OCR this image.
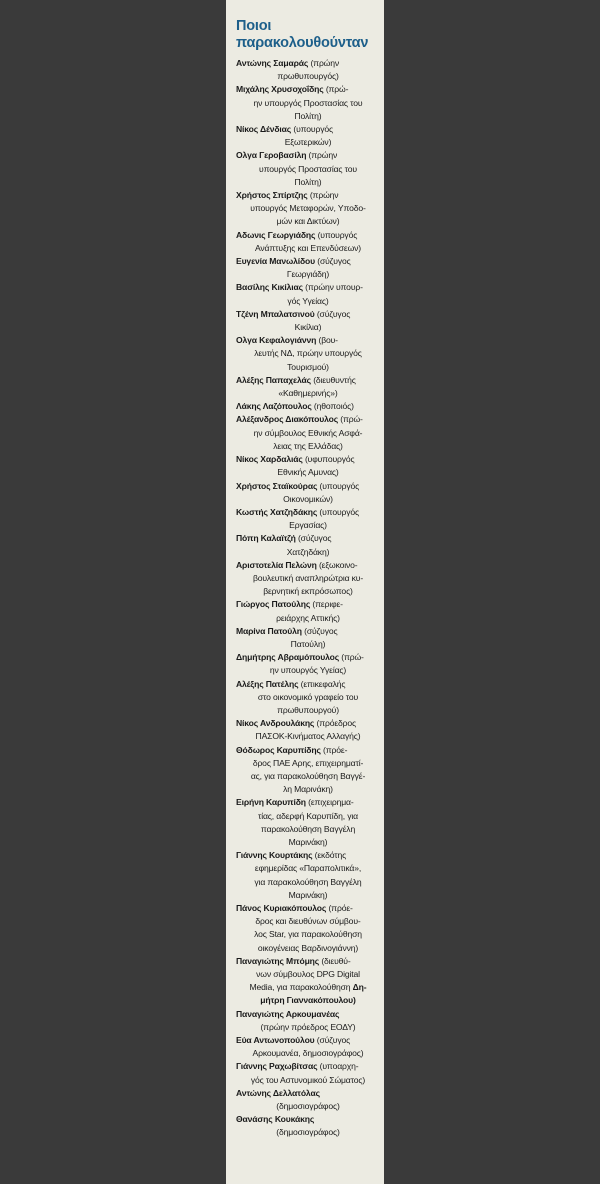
Ποιοι
παρακολουθούνταν
Αντώνης Σαμαράς (πρώην
πρωθυπουργός)
Μιχάλης Χρυσοχοΐδης (πρώ-
ην υπουργός Προστασίας του
Πολίτη)
Νίκος Δένδιας (υπουργός
Εξωτερικών)
Ολγα Γεροβασίλη (πρώην
υπουργός Προστασίας του
Πολίτη)
Χρήστος Σπίρτζης (πρώην
υπουργός Μεταφορών, Υποδο-
μών και Δικτύων)
Αδωνις Γεωργιάδης (υπουργός
Ανάπτυξης και Επενδύσεων)
Ευγενία Μανωλίδου (σύζυγος
Γεωργιάδη)
Βασίλης Κικίλιας (πρώην υπουρ-
γός Υγείας)
Τζένη Μπαλατσινού (σύζυγος
Κικίλια)
Ολγα Κεφαλογιάννη (βου-
λευτής ΝΔ, πρώην υπουργός
Τουρισμού)
Αλέξης Παπαχελάς (διευθυντής
«Καθημερινής»)
Λάκης Λαζόπουλος (ηθοποιός)
Αλέξανδρος Διακόπουλος (πρώ-
ην σύμβουλος Εθνικής Ασφά-
λειας της Ελλάδας)
Νίκος Χαρδαλιάς (υφυπουργός
Εθνικής Αμυνας)
Χρήστος Σταϊκούρας (υπουργός
Οικονομικών)
Κωστής Χατζηδάκης (υπουργός
Εργασίας)
Πόπη Καλαϊτζή (σύζυγος
Χατζηδάκη)
Αριστοτελία Πελώνη (εξωκοινο-
βουλευτική αναπληρώτρια κυ-
βερνητική εκπρόσωπος)
Γιώργος Πατούλης (περιφε-
ρειάρχης Αττικής)
Μαρίνα Πατούλη (σύζυγος
Πατούλη)
Δημήτρης Αβραμόπουλος (πρώ-
ην υπουργός Υγείας)
Αλέξης Πατέλης (επικεφαλής
στο οικονομικό γραφείο του
πρωθυπουργού)
Νίκος Ανδρουλάκης (πρόεδρος
ΠΑΣΟΚ-Κινήματος Αλλαγής)
Θόδωρος Καρυπίδης (πρόε-
δρος ΠΑΕ Αρης, επιχειρηματί-
ας, για παρακολούθηση Βαγγέ-
λη Μαρινάκη)
Ειρήνη Καρυπίδη (επιχειρημα-
τίας, αδερφή Καρυπίδη, για
παρακολούθηση Βαγγέλη
Μαρινάκη)
Γιάννης Κουρτάκης (εκδότης
εφημερίδας «Παραπολιτικά»,
για παρακολούθηση Βαγγέλη
Μαρινάκη)
Πάνος Κυριακόπουλος (πρόε-
δρος και διευθύνων σύμβου-
λος Star, για παρακολούθηση
οικογένειας Βαρδινογιάννη)
Παναγιώτης Μπόμης (διευθύ-
νων σύμβουλος DPG Digital
Media, για παρακολούθηση Δη-
μήτρη Γιαννακόπουλου)
Παναγιώτης Αρκουμανέας
(πρώην πρόεδρος ΕΟΔΥ)
Εύα Αντωνοπούλου (σύζυγος
Αρκουμανέα, δημοσιογράφος)
Γιάννης Ραχωβίτσας (υποαρχη-
γός του Αστυνομικού Σώματος)
Αντώνης Δελλατόλας
(δημοσιογράφος)
Θανάσης Κουκάκης
(δημοσιογράφος)
